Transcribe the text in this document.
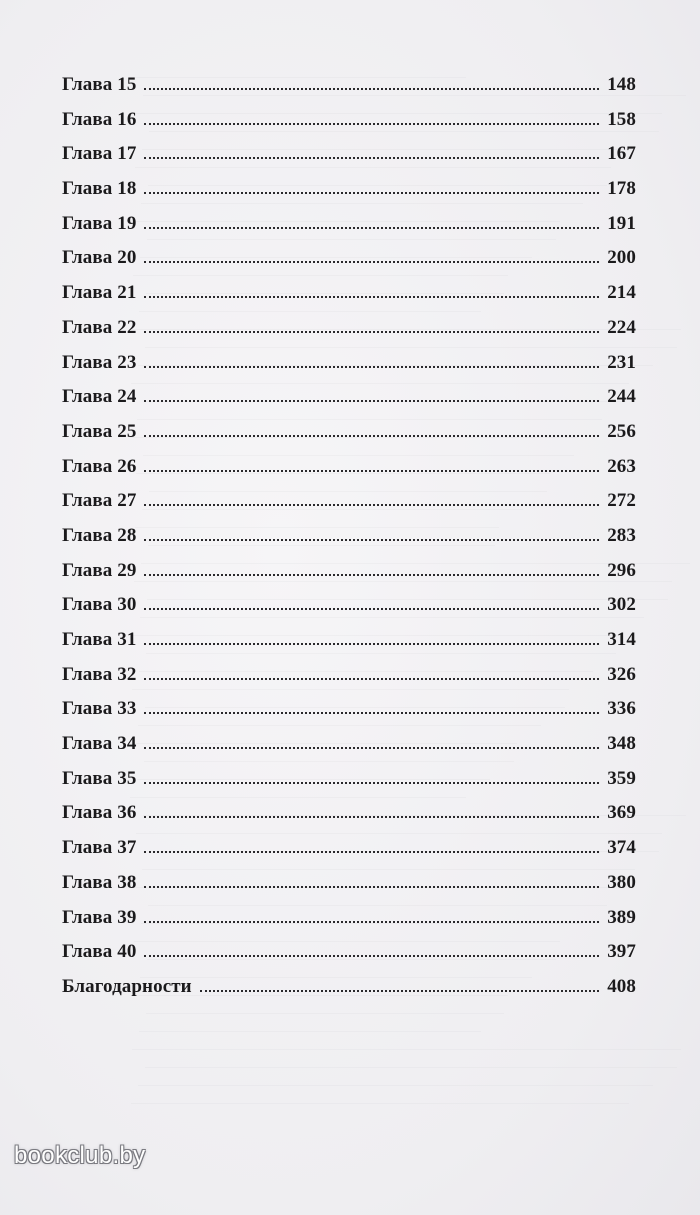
Глава 15	148
Глава 16	158
Глава 17	167
Глава 18	178
Глава 19	191
Глава 20	200
Глава 21	214
Глава 22	224
Глава 23	231
Глава 24	244
Глава 25	256
Глава 26	263
Глава 27	272
Глава 28	283
Глава 29	296
Глава 30	302
Глава 31	314
Глава 32	326
Глава 33	336
Глава 34	348
Глава 35	359
Глава 36	369
Глава 37	374
Глава 38	380
Глава 39	389
Глава 40	397
Благодарности	408
bookclub.by
